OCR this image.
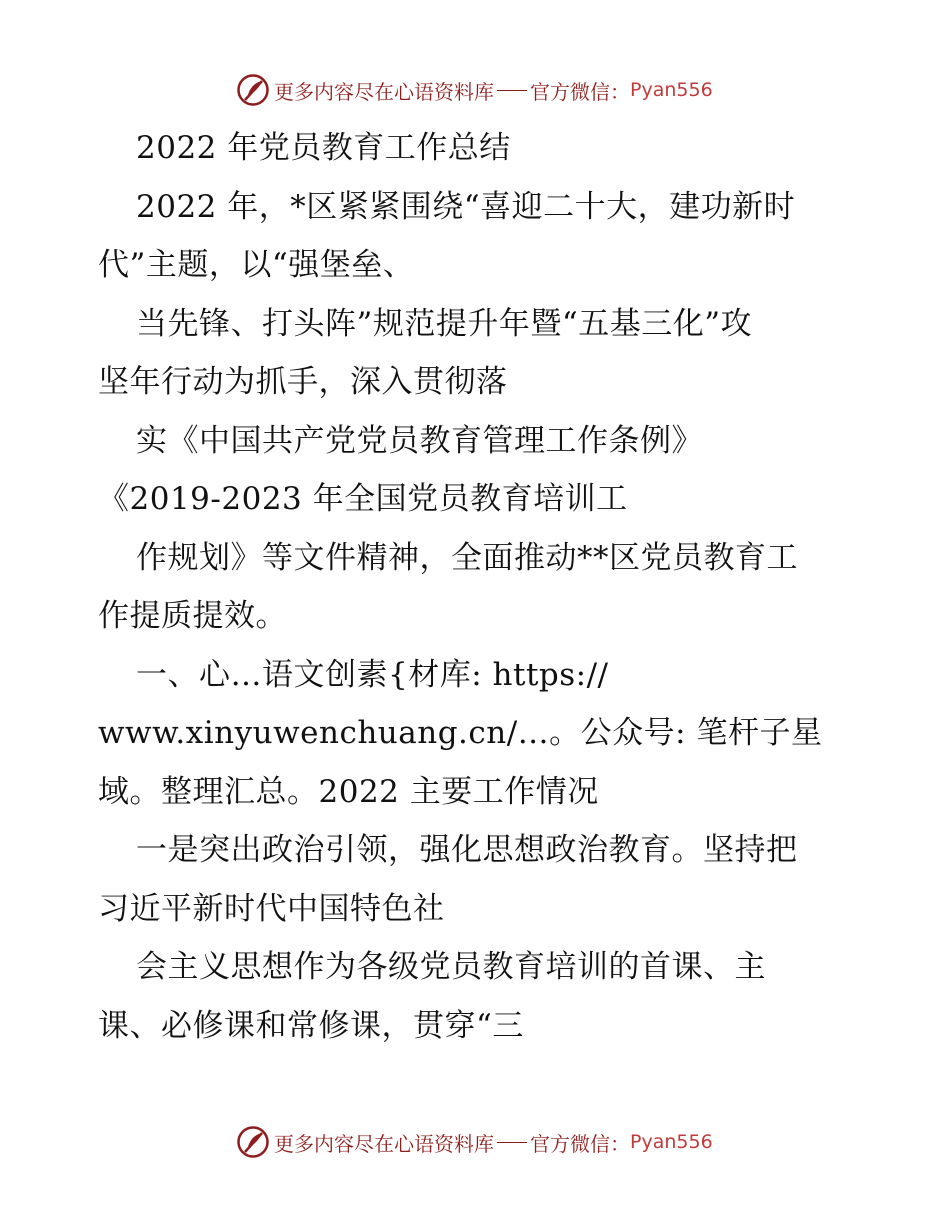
更多内容尽在心语资料库 官方微信： Pyan556
2022 年党员教育工作总结
2022 年，*区紧紧围绕“喜迎二十大，建功新时
代”主题，以“强堡垒、
当先锋、打头阵”规范提升年暨“五基三化”攻
坚年行动为抓手，深入贯彻落
实《中国共产党党员教育管理工作条例》
《2019-2023 年全国党员教育培训工
作规划》等文件精神，全面推动**区党员教育工
作提质提效。
一、心…语文创素{材库: https://
www.xinyuwenchuang.cn/…。公众号: 笔杆子星
域。整理汇总。2022 主要工作情况
一是突出政治引领，强化思想政治教育。坚持把
习近平新时代中国特色社
会主义思想作为各级党员教育培训的首课、主
课、必修课和常修课，贯穿“三
更多内容尽在心语资料库 官方微信： Pyan556
